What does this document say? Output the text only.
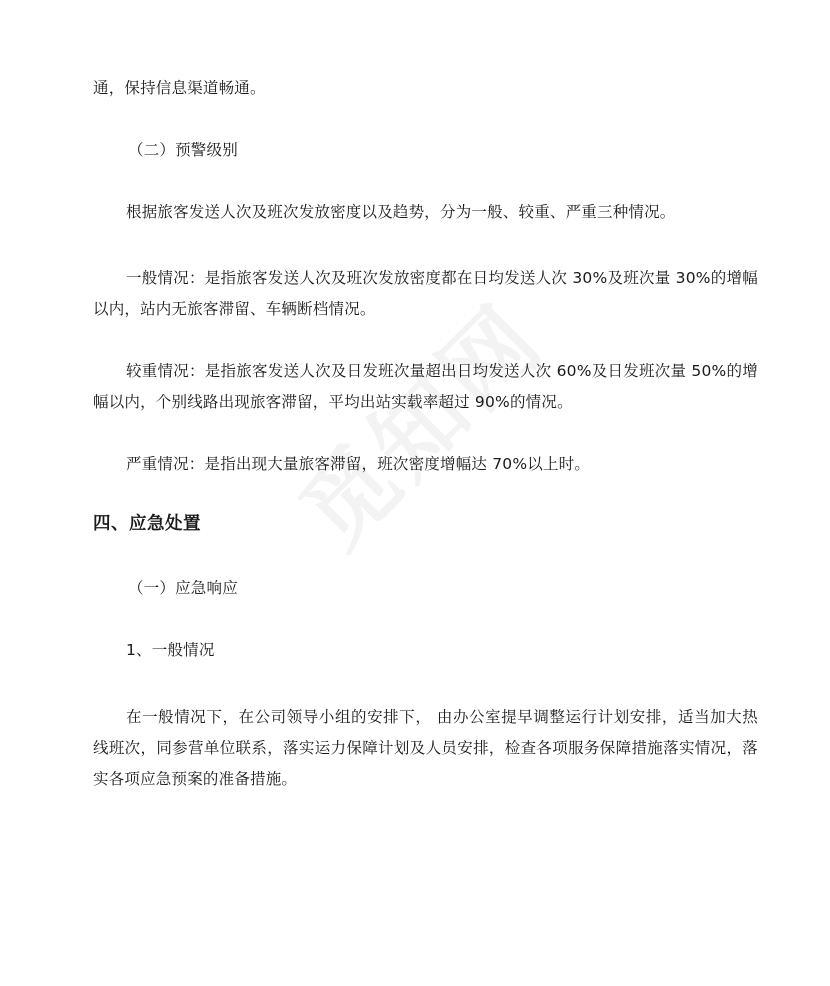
通，保持信息渠道畅通。
（二）预警级别
根据旅客发送人次及班次发放密度以及趋势，分为一般、较重、严重三种情况。
一般情况：是指旅客发送人次及班次发放密度都在日均发送人次 30%及班次量 30%的增幅以内，站内无旅客滞留、车辆断档情况。
较重情况：是指旅客发送人次及日发班次量超出日均发送人次 60%及日发班次量 50%的增幅以内，个别线路出现旅客滞留，平均出站实载率超过 90%的情况。
严重情况：是指出现大量旅客滞留，班次密度增幅达 70%以上时。
四、应急处置
（一）应急响应
1、一般情况
在一般情况下，在公司领导小组的安排下， 由办公室提早调整运行计划安排，适当加大热线班次，同参营单位联系，落实运力保障计划及人员安排，检查各项服务保障措施落实情况，落实各项应急预案的准备措施。
